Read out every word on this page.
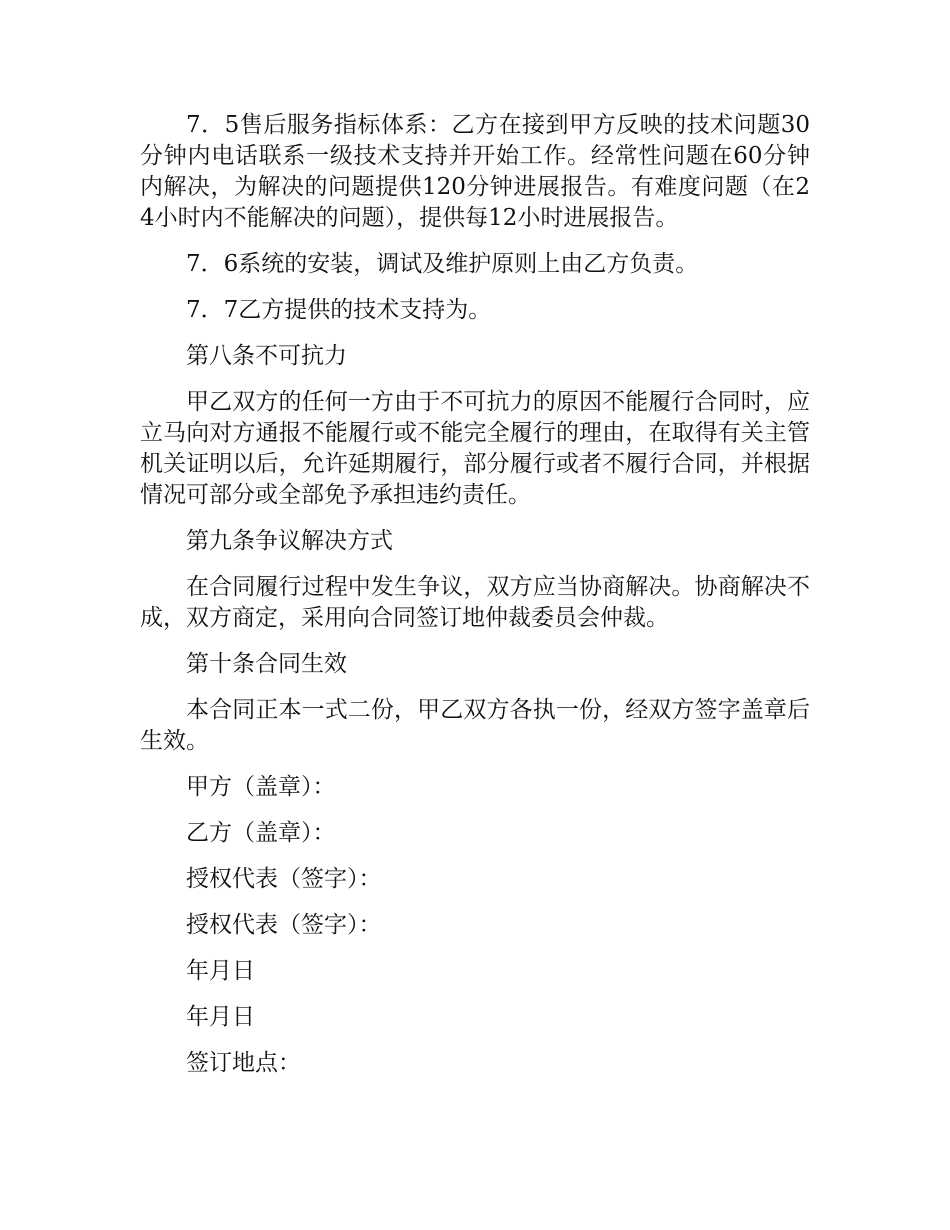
7．5售后服务指标体系：乙方在接到甲方反映的技术问题30分钟内电话联系一级技术支持并开始工作。经常性问题在60分钟内解决，为解决的问题提供120分钟进展报告。有难度问题（在24小时内不能解决的问题），提供每12小时进展报告。

7．6系统的安装，调试及维护原则上由乙方负责。

7．7乙方提供的技术支持为。

第八条不可抗力

甲乙双方的任何一方由于不可抗力的原因不能履行合同时，应立马向对方通报不能履行或不能完全履行的理由，在取得有关主管机关证明以后，允许延期履行，部分履行或者不履行合同，并根据情况可部分或全部免予承担违约责任。

第九条争议解决方式

在合同履行过程中发生争议，双方应当协商解决。协商解决不成，双方商定，采用向合同签订地仲裁委员会仲裁。

第十条合同生效

本合同正本一式二份，甲乙双方各执一份，经双方签字盖章后生效。

甲方（盖章）：

乙方（盖章）：

授权代表（签字）：

授权代表（签字）：

年月日

年月日

签订地点：
